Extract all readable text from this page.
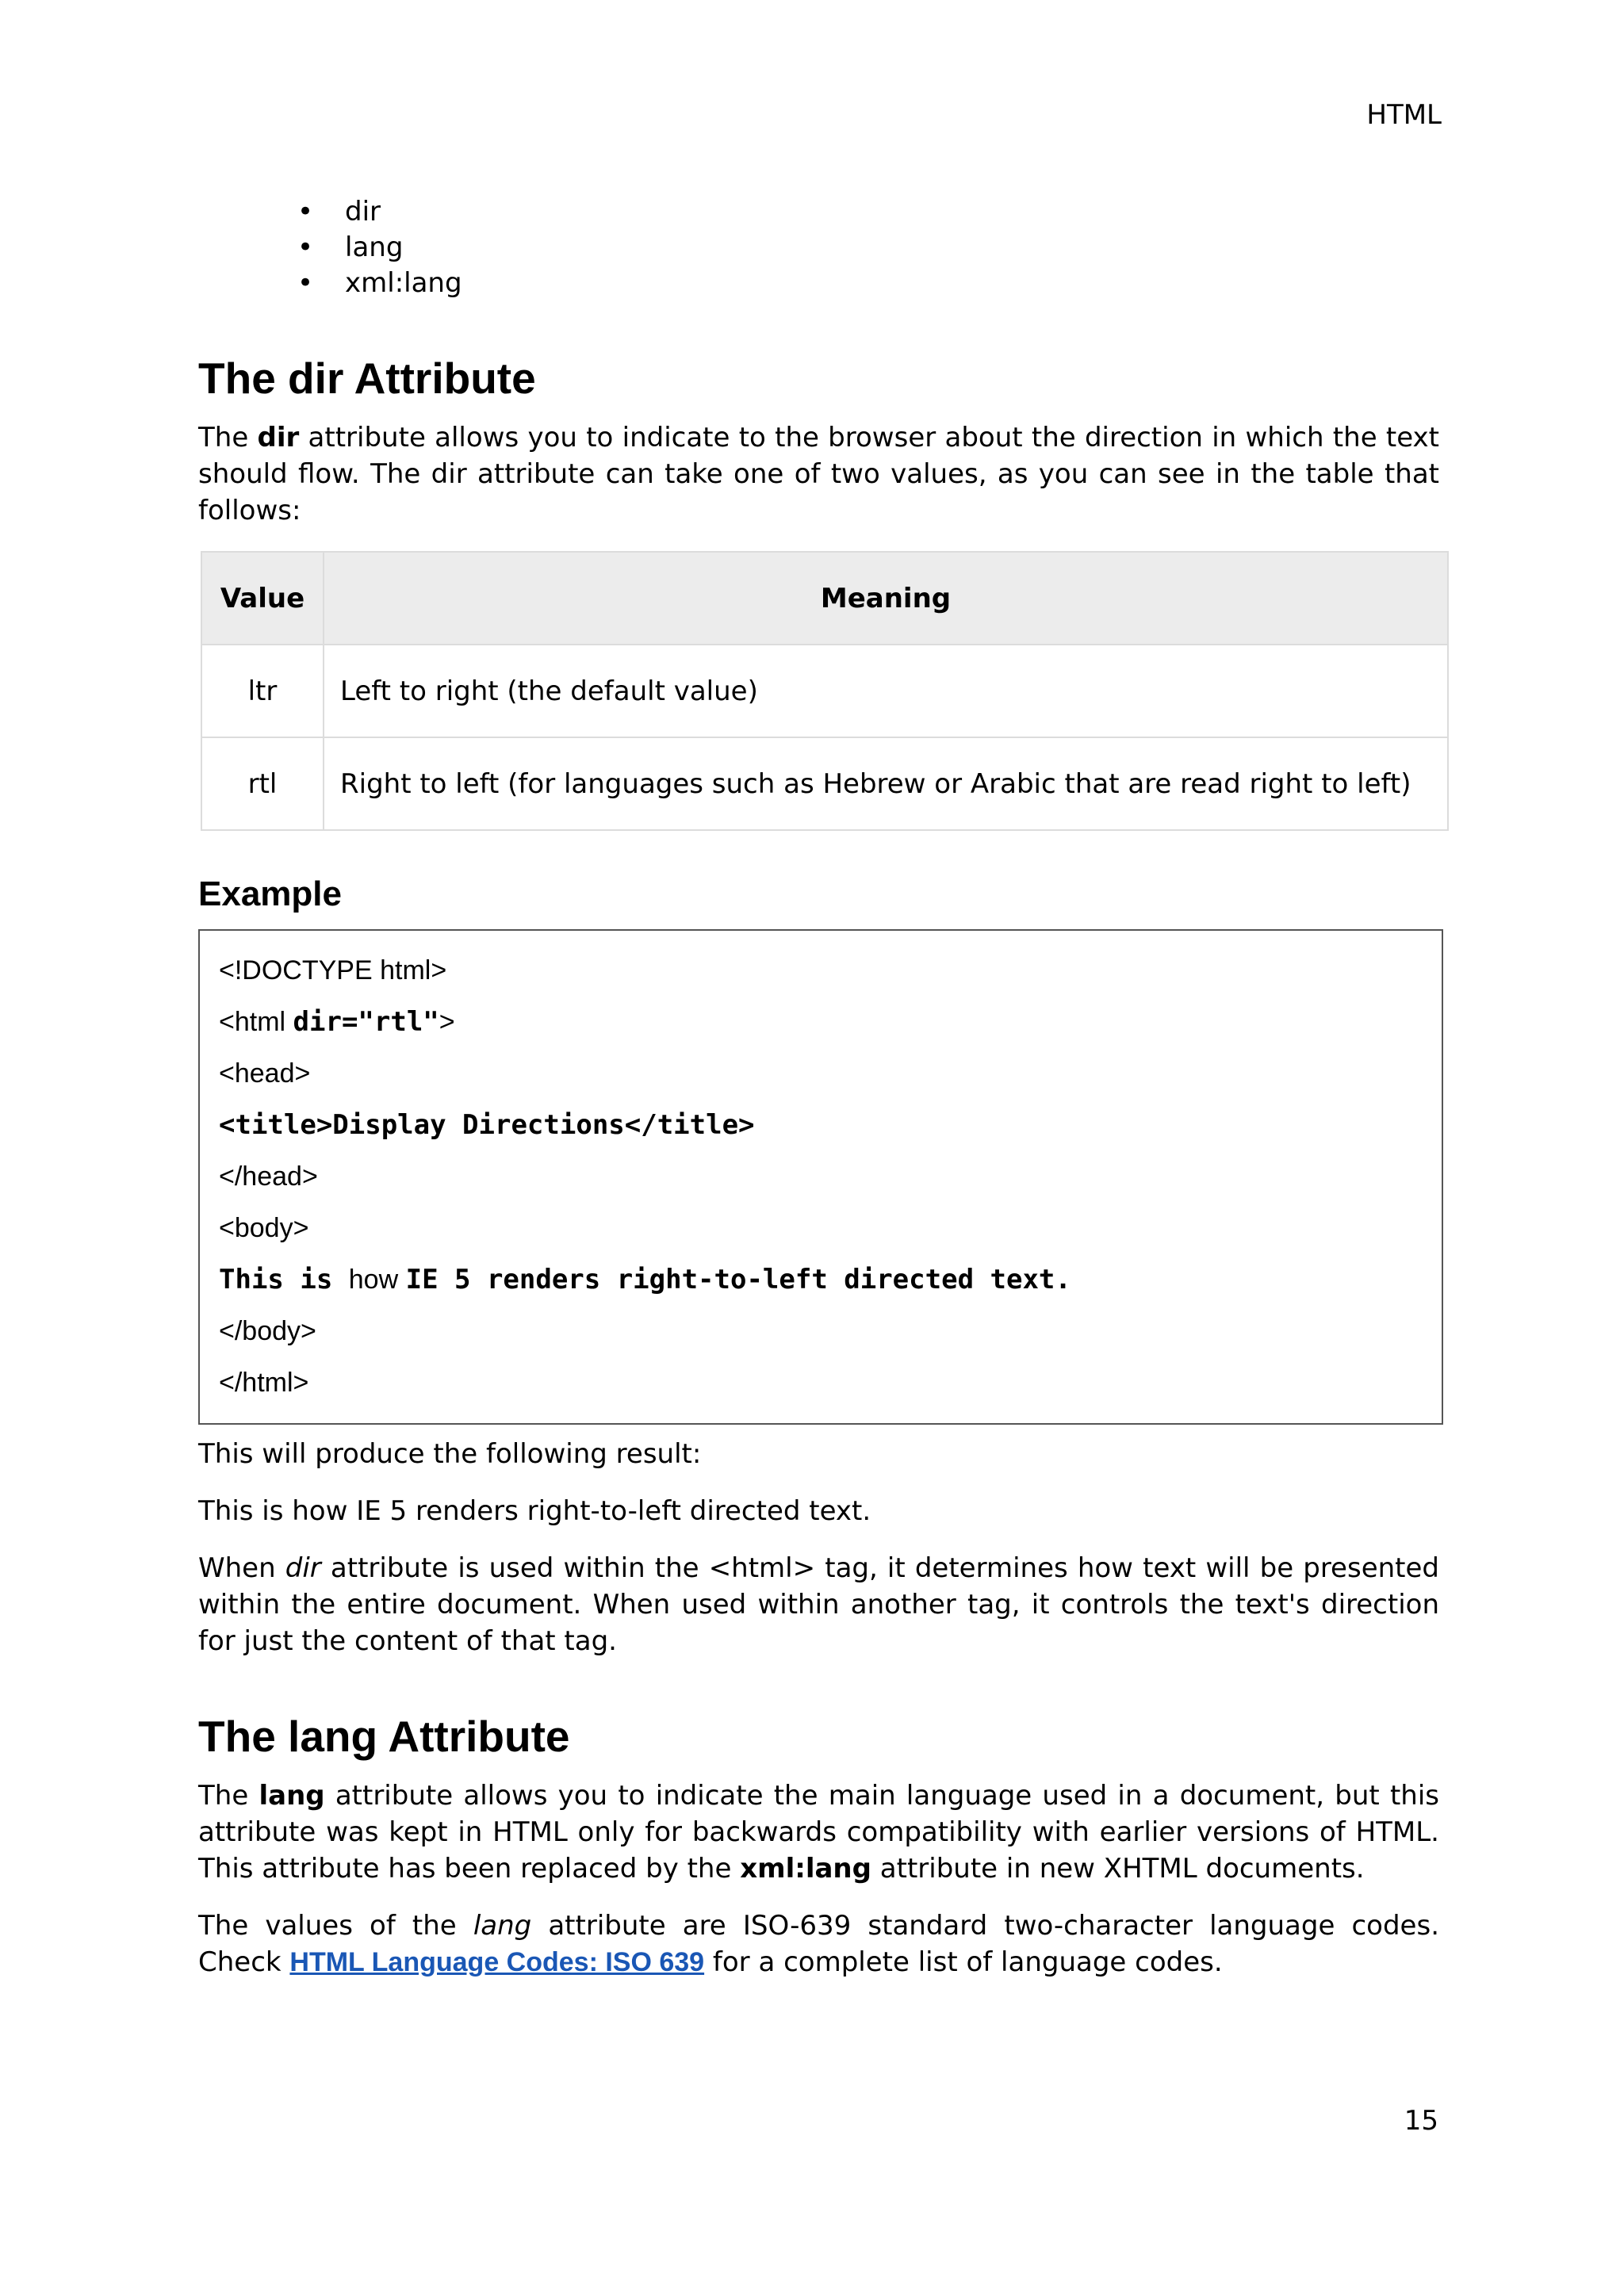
HTML
• dir
• lang
• xml:lang
The dir Attribute

The dir attribute allows you to indicate to the browser about the direction in which the text should flow. The dir attribute can take one of two values, as you can see in the table that follows:

Value	Meaning
ltr	Left to right (the default value)
rtl	Right to left (for languages such as Hebrew or Arabic that are read right to left)
Example
<!DOCTYPE html>
<html dir="rtl">
<head>
<title>Display Directions</title>
</head>
<body>
This is how IE 5 renders right-to-left directed text.
</body>
</html>

This will produce the following result:

This is how IE 5 renders right-to-left directed text.

When dir attribute is used within the <html> tag, it determines how text will be presented within the entire document. When used within another tag, it controls the text's direction for just the content of that tag.

The lang Attribute

The lang attribute allows you to indicate the main language used in a document, but this attribute was kept in HTML only for backwards compatibility with earlier versions of HTML. This attribute has been replaced by the xml:lang attribute in new XHTML documents.

The values of the lang attribute are ISO-639 standard two-character language codes. Check HTML Language Codes: ISO 639 for a complete list of language codes.

15
